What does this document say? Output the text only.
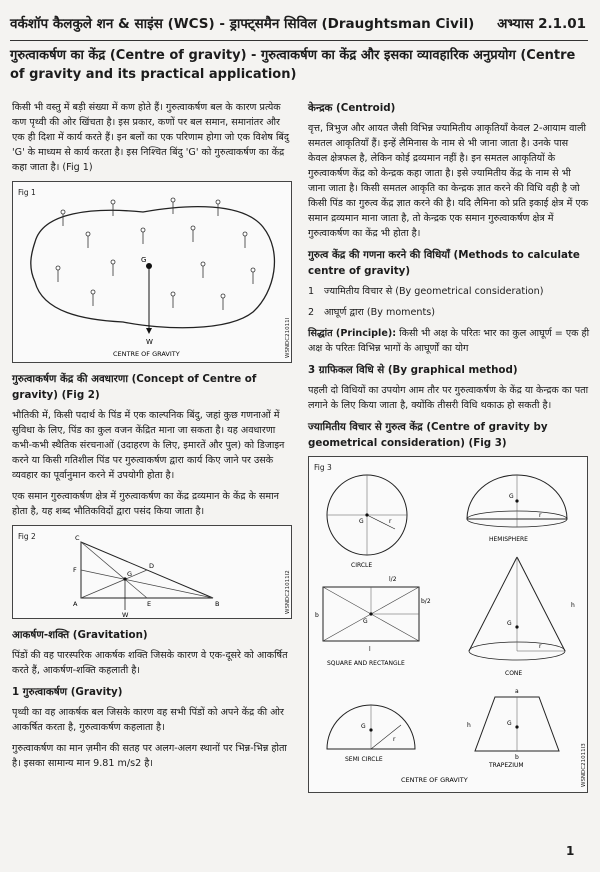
वर्कशॉप कैलकुले शन & साइंस (WCS) - ड्राफ्ट्समैन सिविल (Draughtsman Civil) अभ्यास 2.1.01
गुरुत्वाकर्षण का केंद्र (Centre of gravity) - गुरुत्वाकर्षण का केंद्र और इसका व्यावहारिक अनुप्रयोग (Centre of gravity and its practical application)

किसी भी वस्तु में बड़ी संख्या में कण होते हैं। गुरुत्वाकर्षण बल के कारण प्रत्येक कण पृथ्वी की ओर खिंचता है। इस प्रकार, कणों पर बल समान, समानांतर और एक ही दिशा में कार्य करते हैं। इन बलों का एक परिणाम होगा जो एक विशेष बिंदु 'G' के माध्यम से कार्य करता है। इस निश्चित बिंदु 'G' को गुरुत्वाकर्षण का केंद्र कहा जाता है। (Fig 1)

Fig 1
G
W
CENTRE OF GRAVITY	WSNDC21011I
गुरुत्वाकर्षण केंद्र की अवधारणा (Concept of Centre of gravity) (Fig 2)

भौतिकी में, किसी पदार्थ के पिंड में एक काल्पनिक बिंदु, जहां कुछ गणनाओं में सुविधा के लिए, पिंड का कुल वजन केंद्रित माना जा सकता है। यह अवधारणा कभी-कभी स्थैतिक संरचनाओं (उदाहरण के लिए, इमारतें और पुल) को डिजाइन करने या किसी गतिशील पिंड पर गुरुत्वाकर्षण द्वारा कार्य किए जाने पर उसके व्यवहार का पूर्वानुमान करने में उपयोगी होता है।

एक समान गुरुत्वाकर्षण क्षेत्र में गुरुत्वाकर्षण का केंद्र द्रव्यमान के केंद्र के समान होता है, यह शब्द भौतिकविदों द्वारा पसंद किया जाता है।

Fig 2	C
A	B
D
E
F	G
W
WSNDC21011I2
आकर्षण-शक्ति (Gravitation)

पिंडों की वह पारस्परिक आकर्षक शक्ति जिसके कारण वे एक-दूसरे को आकर्षित करते हैं, आकर्षण-शक्ति कहलाती है।

1 गुरुत्वाकर्षण (Gravity)

पृथ्वी का वह आकर्षक बल जिसके कारण वह सभी पिंडों को अपने केंद्र की ओर आकर्षित करता है, गुरुत्वाकर्षण कहलाता है।

गुरुत्वाकर्षण का मान ज़मीन की सतह पर अलग-अलग स्थानों पर भिन्न-भिन्न होता है। इसका सामान्य मान 9.81 m/s2 है।

केन्द्रक (Centroid)

वृत्त, त्रिभुज और आयत जैसी विभिन्न ज्यामितीय आकृतियाँ केवल 2-आयाम वाली समतल आकृतियाँ हैं। इन्हें लैमिनास के नाम से भी जाना जाता है। उनके पास केवल क्षेत्रफल है, लेकिन कोई द्रव्यमान नहीं है। इन समतल आकृतियों के गुरुत्वाकर्षण केंद्र को केन्द्रक कहा जाता है। इसे ज्यामितीय केंद्र के नाम से भी जाना जाता है। किसी समतल आकृति का केन्द्रक ज्ञात करने की विधि वही है जो किसी पिंड का गुरुत्व केंद्र ज्ञात करने की है। यदि लैमिना को प्रति इकाई क्षेत्र में एक समान द्रव्यमान माना जाता है, तो केन्द्रक एक समान गुरुत्वाकर्षण क्षेत्र में गुरुत्वाकर्षण का केंद्र भी होता है।

गुरुत्व केंद्र की गणना करने की विधियाँ (Methods to calculate centre of gravity)
1 ज्यामितीय विचार से (By geometrical consideration)
2 आघूर्ण द्वारा (By moments)

सिद्धांत (Principle): किसी भी अक्ष के परितः भार का कुल आघूर्ण = एक ही अक्ष के परितः विभिन्न भागों के आघूर्णों का योग

3 ग्राफिकल विधि से (By graphical method)

पहली दो विधियों का उपयोग आम तौर पर गुरुत्वाकर्षण के केंद्र या केन्द्रक का पता लगाने के लिए किया जाता है, क्योंकि तीसरी विधि थकाऊ हो सकती है।

ज्यामितीय विचार से गुरुत्व केंद्र (Centre of gravity by geometrical consideration) (Fig 3)
Fig 3
G	r
CIRCLE
G
r
HEMISPHERE
G
l/2
b/2
b
l
SQUARE AND RECTANGLE
G
r
h
CONE
G
r
SEMI CIRCLE
G
a
b
h
TRAPEZIUM
CENTRE OF GRAVITY	WSNDC21011I3
1
